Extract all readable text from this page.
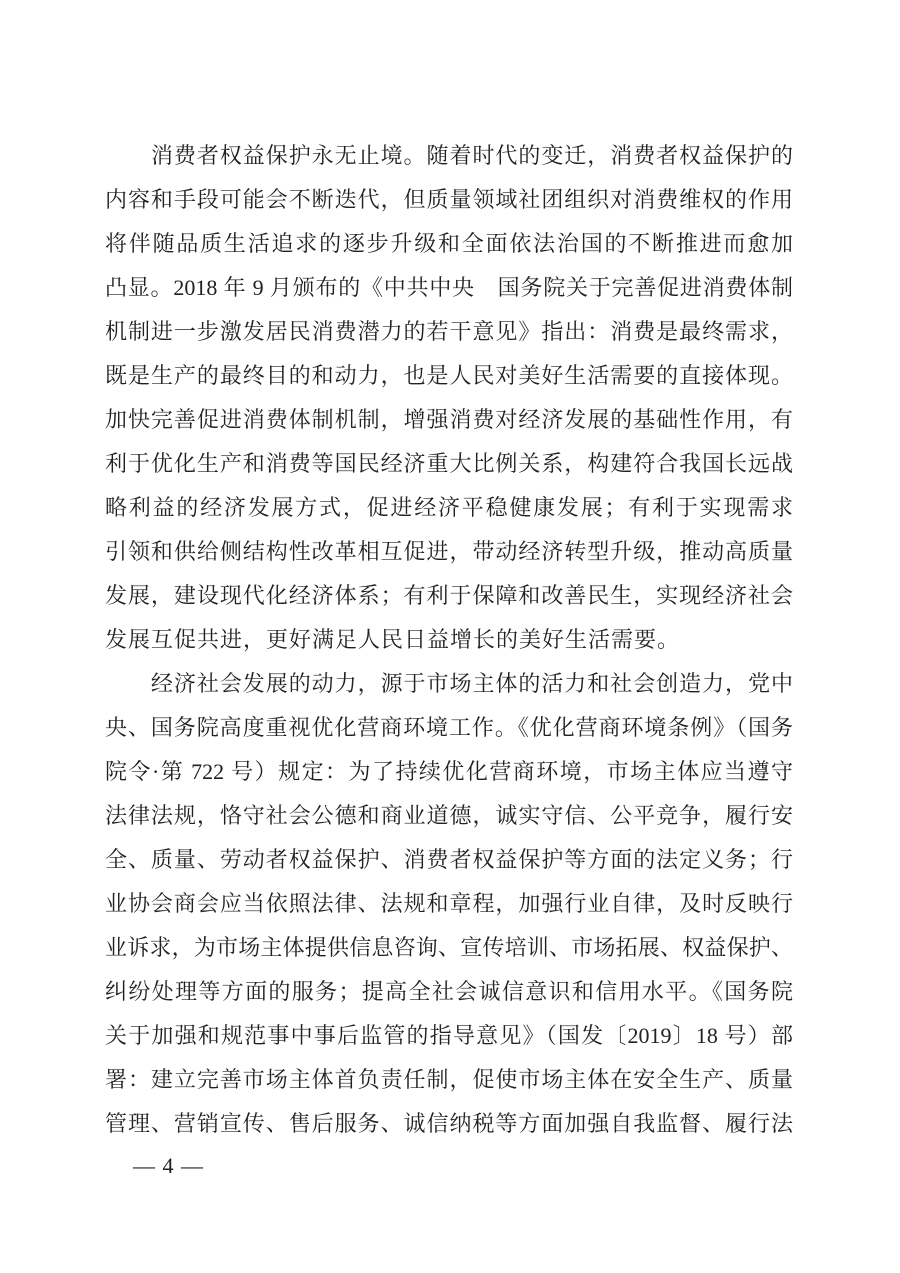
　　消费者权益保护永无止境。随着时代的变迁，消费者权益保护的
内容和手段可能会不断迭代，但质量领域社团组织对消费维权的作用
将伴随品质生活追求的逐步升级和全面依法治国的不断推进而愈加
凸显。2018 年 9 月颁布的《中共中央　国务院关于完善促进消费体制
机制进一步激发居民消费潜力的若干意见》指出：消费是最终需求，
既是生产的最终目的和动力，也是人民对美好生活需要的直接体现。
加快完善促进消费体制机制，增强消费对经济发展的基础性作用，有
利于优化生产和消费等国民经济重大比例关系，构建符合我国长远战
略利益的经济发展方式，促进经济平稳健康发展；有利于实现需求
引领和供给侧结构性改革相互促进，带动经济转型升级，推动高质量
发展，建设现代化经济体系；有利于保障和改善民生，实现经济社会
发展互促共进，更好满足人民日益增长的美好生活需要。
　　经济社会发展的动力，源于市场主体的活力和社会创造力，党中
央、国务院高度重视优化营商环境工作。《优化营商环境条例》（国务
院令·第 722 号）规定：为了持续优化营商环境，市场主体应当遵守
法律法规，恪守社会公德和商业道德，诚实守信、公平竞争，履行安
全、质量、劳动者权益保护、消费者权益保护等方面的法定义务；行
业协会商会应当依照法律、法规和章程，加强行业自律，及时反映行
业诉求，为市场主体提供信息咨询、宣传培训、市场拓展、权益保护、
纠纷处理等方面的服务；提高全社会诚信意识和信用水平。《国务院
关于加强和规范事中事后监管的指导意见》（国发〔2019〕18 号）部
署：建立完善市场主体首负责任制，促使市场主体在安全生产、质量
管理、营销宣传、售后服务、诚信纳税等方面加强自我监督、履行法
— 4 —
